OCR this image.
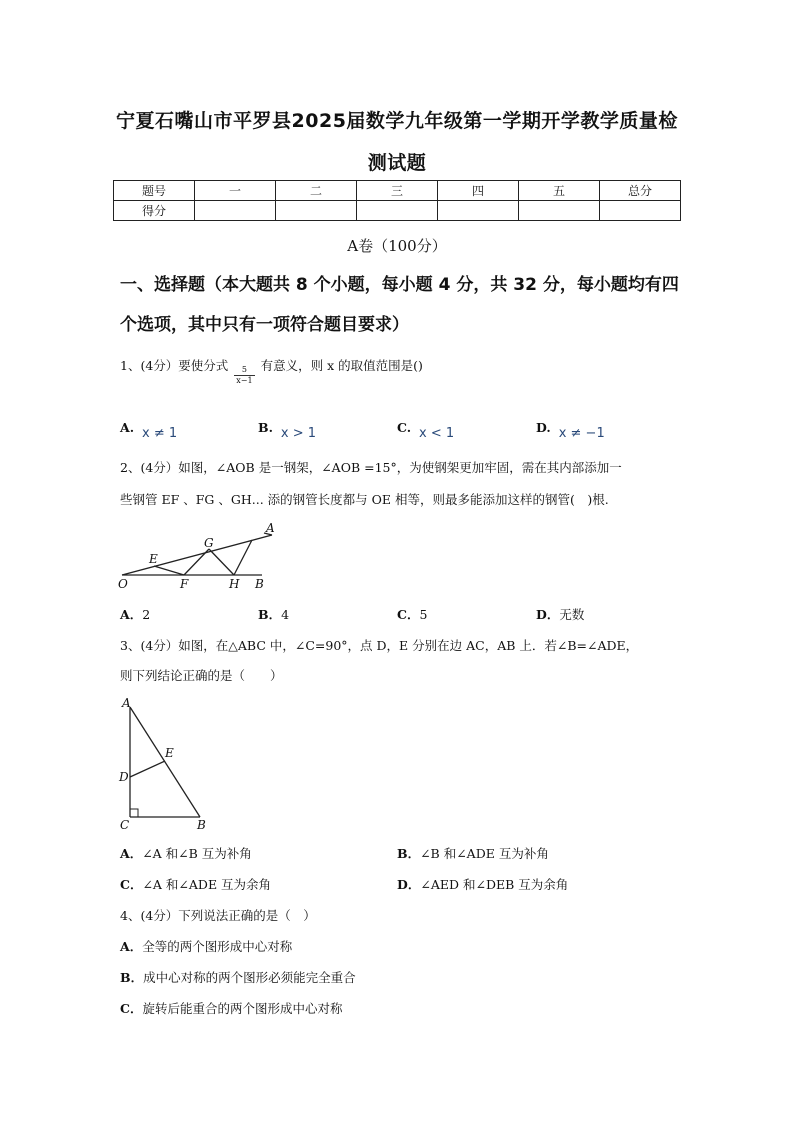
宁夏石嘴山市平罗县2025届数学九年级第一学期开学教学质量检
测试题
题号	一	二	三	四	五	总分
得分						
A卷（100分）
一、选择题（本大题共 8 个小题，每小题 4 分，共 32 分，每小题均有四个选项，其中只有一项符合题目要求）
1、(4分）要使分式 $\frac{5}{x-1}$ 有意义，则 x 的取值范围是()
A. x ≠ 1	B. x > 1	C. x < 1	D. x ≠ −1
2、(4分）如图，∠AOB 是一钢架，∠AOB =15°，为使钢架更加牢固，需在其内部添加一
些钢管 EF 、FG 、GH... 添的钢管长度都与 OE 相等，则最多能添加这样的钢管(　)根.
O
E
F
G
H B
A
A．2	B．4	C．5	D．无数
3、(4分）如图，在△ABC 中，∠C=90°，点 D，E 分别在边 AC，AB 上．若∠B=∠ADE，
则下列结论正确的是（　　）
A
E
D
C	B
A．∠A 和∠B 互为补角	B．∠B 和∠ADE 互为补角
C．∠A 和∠ADE 互为余角	D．∠AED 和∠DEB 互为余角
4、(4分）下列说法正确的是（　）
A．全等的两个图形成中心对称
B．成中心对称的两个图形必须能完全重合
C．旋转后能重合的两个图形成中心对称
